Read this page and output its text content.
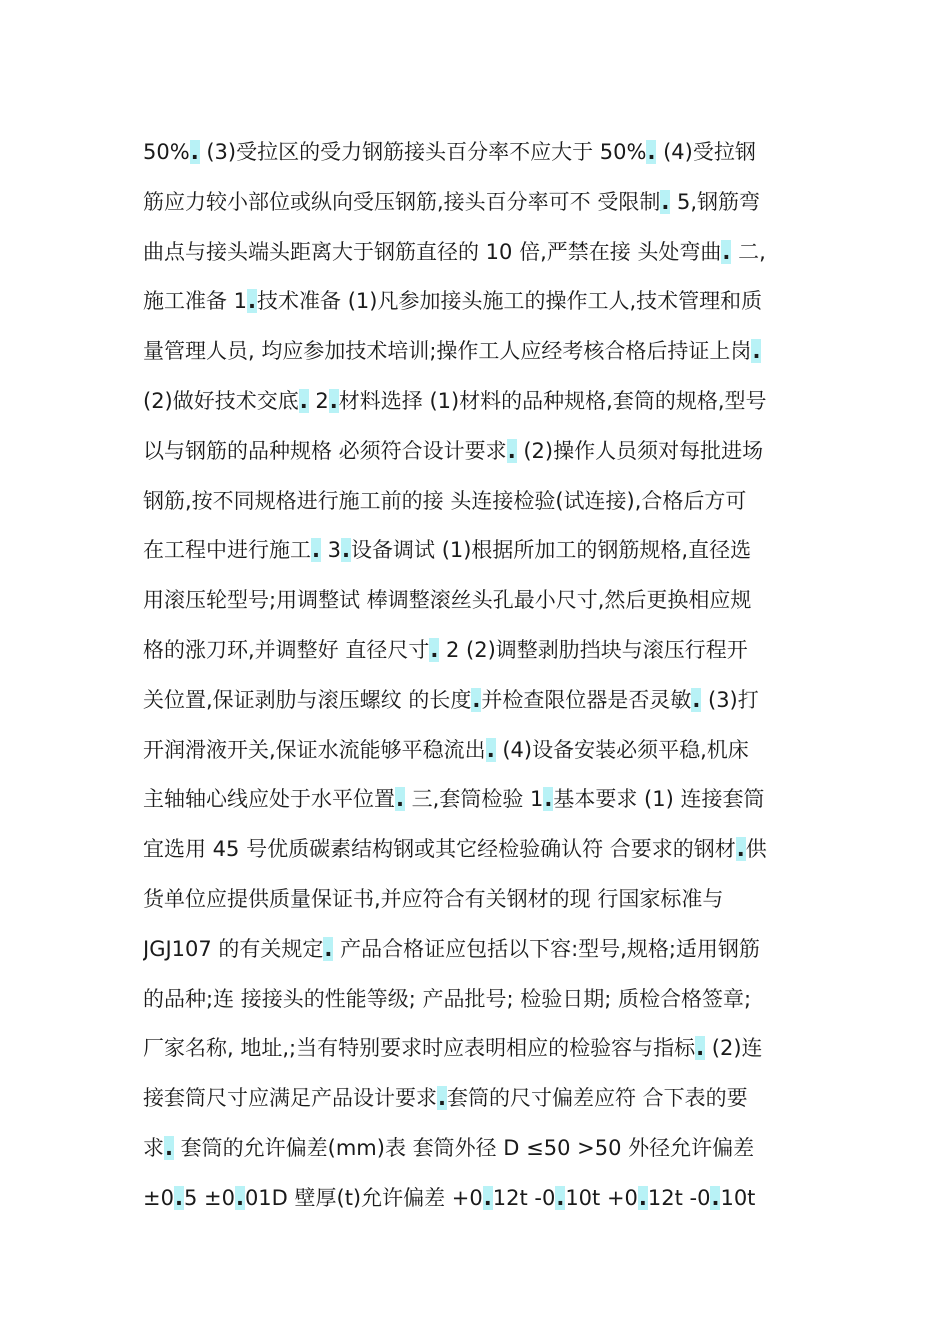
50%. (3)受拉区的受力钢筋接头百分率不应大于 50%. (4)受拉钢
筋应力较小部位或纵向受压钢筋,接头百分率可不 受限制. 5,钢筋弯
曲点与接头端头距离大于钢筋直径的 10 倍,严禁在接 头处弯曲. 二,
施工准备 1.技术准备 (1)凡参加接头施工的操作工人,技术管理和质
量管理人员, 均应参加技术培训;操作工人应经考核合格后持证上岗.
(2)做好技术交底. 2.材料选择 (1)材料的品种规格,套筒的规格,型号
以与钢筋的品种规格 必须符合设计要求. (2)操作人员须对每批进场
钢筋,按不同规格进行施工前的接 头连接检验(试连接),合格后方可
在工程中进行施工. 3.设备调试 (1)根据所加工的钢筋规格,直径选
用滚压轮型号;用调整试 棒调整滚丝头孔最小尺寸,然后更换相应规
格的涨刀环,并调整好 直径尺寸. 2 (2)调整剥肋挡块与滚压行程开
关位置,保证剥肋与滚压螺纹 的长度.并检查限位器是否灵敏. (3)打
开润滑液开关,保证水流能够平稳流出. (4)设备安装必须平稳,机床
主轴轴心线应处于水平位置. 三,套筒检验 1.基本要求 (1) 连接套筒
宜选用 45 号优质碳素结构钢或其它经检验确认符 合要求的钢材.供
货单位应提供质量保证书,并应符合有关钢材的现 行国家标准与
JGJ107 的有关规定. 产品合格证应包括以下容:型号,规格;适用钢筋
的品种;连 接接头的性能等级; 产品批号; 检验日期; 质检合格签章;
厂家名称, 地址,;当有特别要求时应表明相应的检验容与指标. (2)连
接套筒尺寸应满足产品设计要求.套筒的尺寸偏差应符 合下表的要
求. 套筒的允许偏差(mm)表 套筒外径 D ≤50 >50 外径允许偏差
±0.5 ±0.01D 壁厚(t)允许偏差 +0.12t -0.10t +0.12t -0.10t
